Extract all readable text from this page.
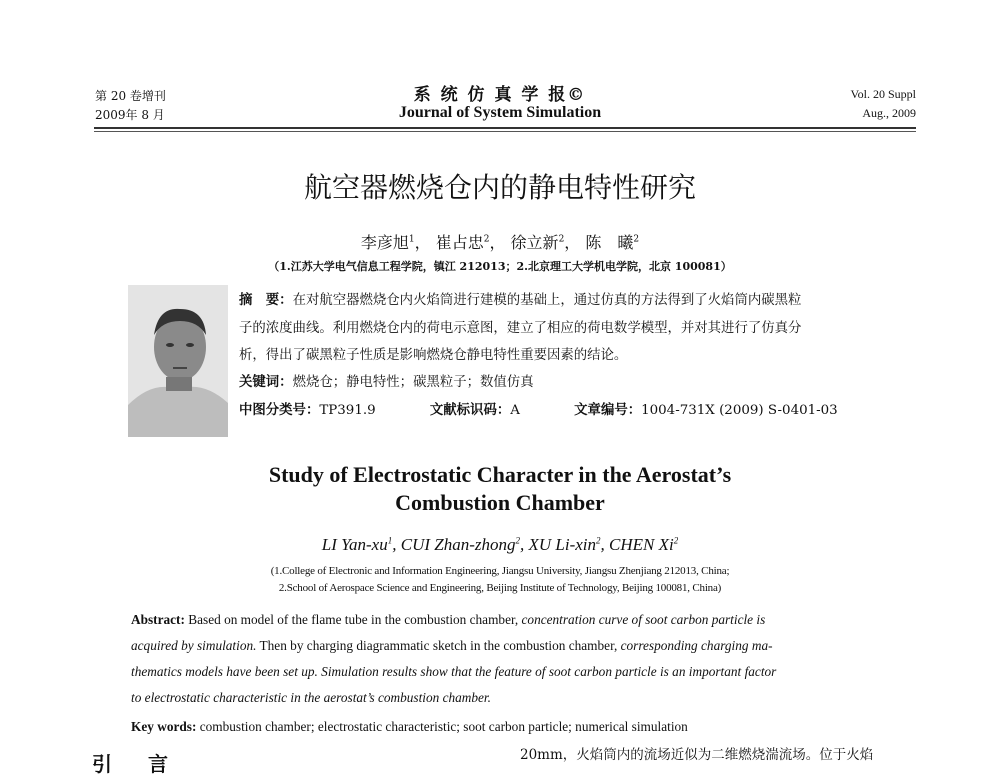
第 20 卷增刊
2009年 8 月
系 统 仿 真 学 报©
Journal of System Simulation
Vol. 20 Suppl
Aug., 2009
航空器燃烧仓内的静电特性研究
李彦旭$^1$， 崔占忠$^2$， 徐立新$^2$， 陈　曦$^2$
（1.江苏大学电气信息工程学院，镇江 212013；2.北京理工大学机电学院，北京 100081）
摘　要：在对航空器燃烧仓内火焰筒进行建模的基础上，通过仿真的方法得到了火焰筒内碳黑粒
子的浓度曲线。利用燃烧仓内的荷电示意图，建立了相应的荷电数学模型，并对其进行了仿真分
析，得出了碳黑粒子性质是影响燃烧仓静电特性重要因素的结论。
关键词：燃烧仓；静电特性；碳黑粒子；数值仿真
中图分类号：TP391.9	文献标识码：A	文章编号：1004-731X (2009) S-0401-03
Study of Electrostatic Character in the Aerostat’s
Combustion Chamber
LI Yan-$xu^1$, CUI Zhan-zhong$^2$, XU Li-xin$^2$, CHEN Xi$^2$
(1.College of Electronic and Information Engineering, Jiangsu University, Jiangsu Zhenjiang 212013, China;
2.School of Aerospace Science and Engineering, Beijing Institute of Technology, Beijing 100081, China)
Abstract: Based on model of the flame tube in the combustion chamber, concentration curve of soot carbon particle is
acquired by simulation. Then by charging diagrammatic sketch in the combustion chamber, corresponding charging ma-
thematics models have been set up. Simulation results show that the feature of soot carbon particle is an important factor
to electrostatic characteristic in the aerostat’s combustion chamber.
Key words: combustion chamber; electrostatic characteristic; soot carbon particle; numerical simulation
引　言	20mm，火焰筒内的流场近似为二维燃烧湍流场。位于火焰
